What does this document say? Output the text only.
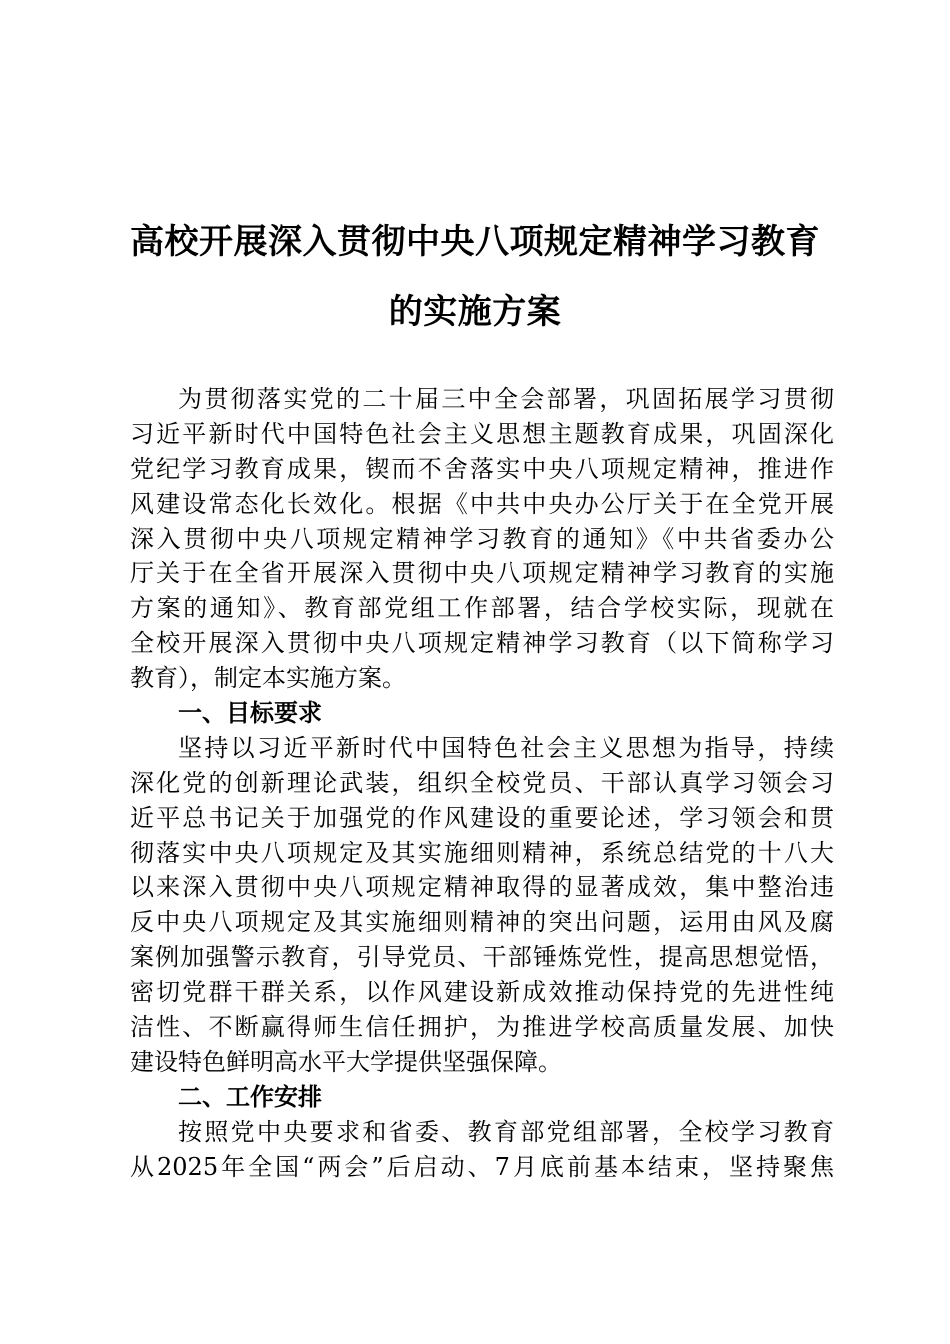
高校开展深入贯彻中央八项规定精神学习教育
的实施方案
为贯彻落实党的二十届三中全会部署，巩固拓展学习贯彻
习近平新时代中国特色社会主义思想主题教育成果，巩固深化
党纪学习教育成果，锲而不舍落实中央八项规定精神，推进作
风建设常态化长效化。根据《中共中央办公厅关于在全党开展
深入贯彻中央八项规定精神学习教育的通知》《中共省委办公
厅关于在全省开展深入贯彻中央八项规定精神学习教育的实施
方案的通知》、教育部党组工作部署，结合学校实际，现就在
全校开展深入贯彻中央八项规定精神学习教育（以下简称学习
教育），制定本实施方案。
一、目标要求
坚持以习近平新时代中国特色社会主义思想为指导，持续
深化党的创新理论武装，组织全校党员、干部认真学习领会习
近平总书记关于加强党的作风建设的重要论述，学习领会和贯
彻落实中央八项规定及其实施细则精神，系统总结党的十八大
以来深入贯彻中央八项规定精神取得的显著成效，集中整治违
反中央八项规定及其实施细则精神的突出问题，运用由风及腐
案例加强警示教育，引导党员、干部锤炼党性，提高思想觉悟，
密切党群干群关系，以作风建设新成效推动保持党的先进性纯
洁性、不断赢得师生信任拥护，为推进学校高质量发展、加快
建设特色鲜明高水平大学提供坚强保障。
二、工作安排
按照党中央要求和省委、教育部党组部署，全校学习教育
从2025年全国“两会”后启动、7月底前基本结束，坚持聚焦
